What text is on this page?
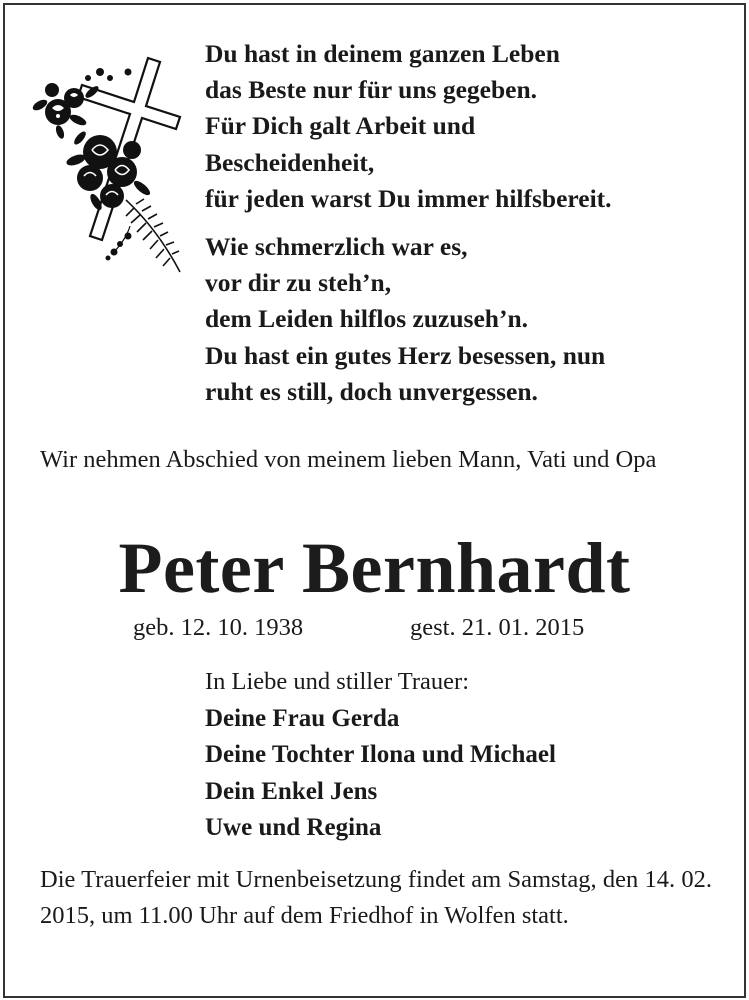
Du hast in deinem ganzen Leben
das Beste nur für uns gegeben.
Für Dich galt Arbeit und
Bescheidenheit,
für jeden warst Du immer hilfsbereit.

Wie schmerzlich war es,
vor dir zu steh’n,
dem Leiden hilflos zuzuseh’n.
Du hast ein gutes Herz besessen, nun
ruht es still, doch unvergessen.

Wir nehmen Abschied von meinem lieben Mann, Vati und Opa
Peter Bernhardt
geb. 12. 10. 1938	gest. 21. 01. 2015
In Liebe und stiller Trauer:
Deine Frau Gerda
Deine Tochter Ilona und Michael
Dein Enkel Jens
Uwe und Regina
Die Trauerfeier mit Urnenbeisetzung findet am Samstag, den 14. 02. 2015, um 11.00 Uhr auf dem Friedhof in Wolfen statt.
